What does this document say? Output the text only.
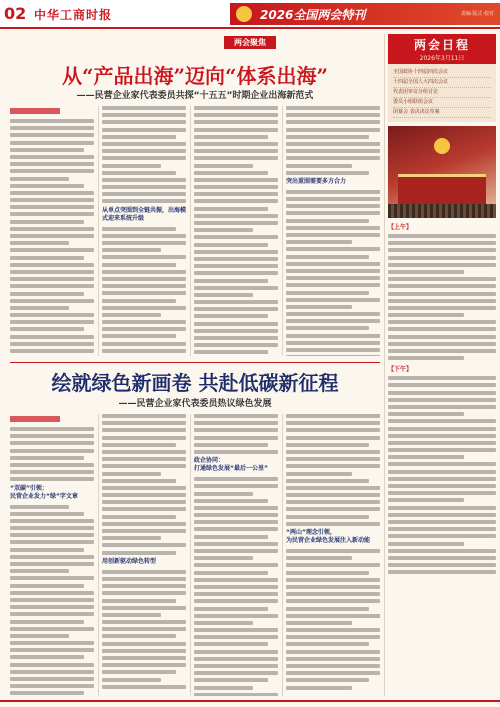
02 中华工商时报	2026全国两会特刊	责编·版式·校对
两会聚焦
从“产品出海”迈向“体系出海”
——民营企业家代表委员共探“十五五”时期企业出海新范式
从单点突围到全链共振，出海模式迎来系统升级
突出重围需要多方合力
绘就绿色新画卷 共赴低碳新征程
——民营企业家代表委员热议绿色发展
“双碳”引领：
民营企业发力“绿”字文章
用创新驱动绿色转型
政企协同：
打通绿色发展“最后一公里”
“两山”理念引领，
为民营企业绿色发展注入新动能
两会日程
2026年3月11日
全国政协十四届四次会议
十四届全国人大四次会议
代表团审议分组讨论
委员小组联组会议
闭幕会 表决决议草案
【上午】
【下午】
